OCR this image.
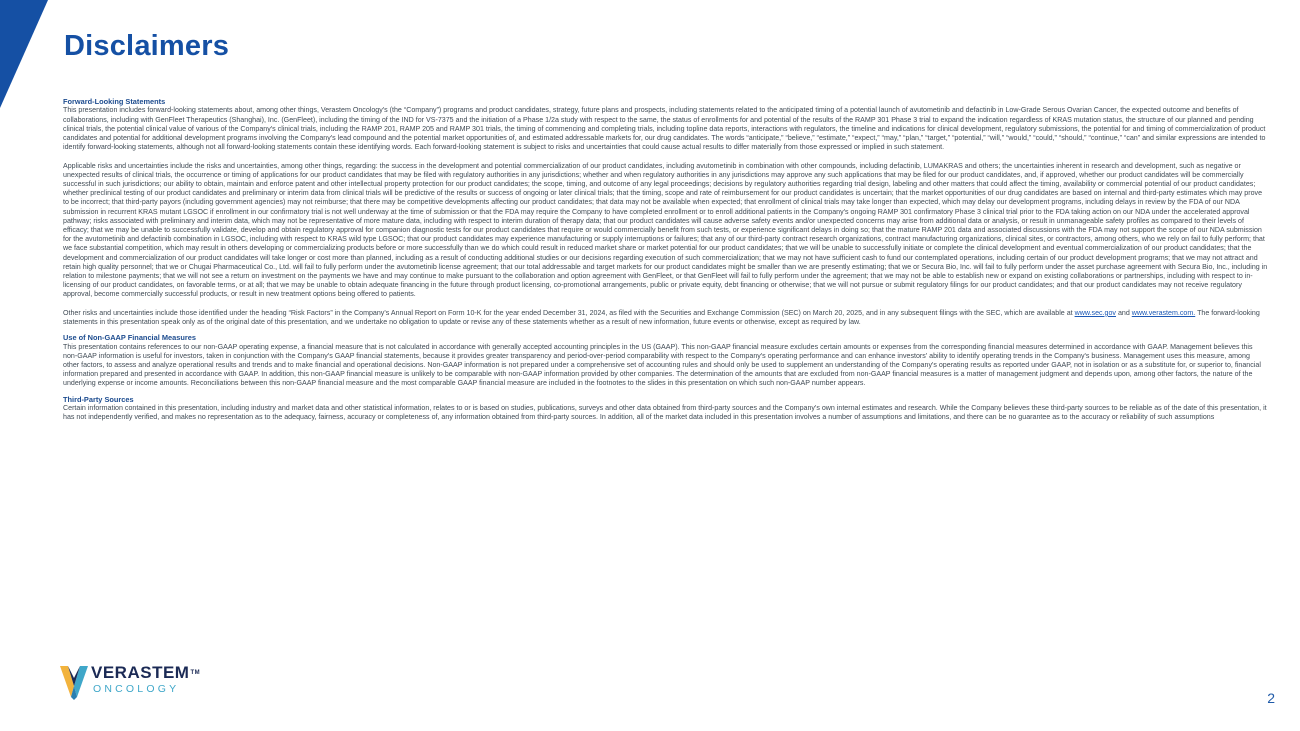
Disclaimers

Forward-Looking Statements

This presentation includes forward-looking statements about, among other things, Verastem Oncology's (the “Company”) programs and product candidates, strategy, future plans and prospects, including statements related to the anticipated timing of a potential launch of avutometinib and defactinib in Low-Grade Serous Ovarian Cancer, the expected outcome and benefits of collaborations, including with GenFleet Therapeutics (Shanghai), Inc. (GenFleet), including the timing of the IND for VS-7375 and the initiation of a Phase 1/2a study with respect to the same, the status of enrollments for and potential of the results of the RAMP 301 Phase 3 trial to expand the indication regardless of KRAS mutation status, the structure of our planned and pending clinical trials, the potential clinical value of various of the Company's clinical trials, including the RAMP 201, RAMP 205 and RAMP 301 trials, the timing of commencing and completing trials, including topline data reports, interactions with regulators, the timeline and indications for clinical development, regulatory submissions, the potential for and timing of commercialization of product candidates and potential for additional development programs involving the Company's lead compound and the potential market opportunities of, and estimated addressable markets for, our drug candidates. The words “anticipate,” “believe,” “estimate,” “expect,” “may,” “plan,” “target,” “potential,” “will,” “would,” “could,” “should,” “continue,” “can” and similar expressions are intended to identify forward-looking statements, although not all forward-looking statements contain these identifying words. Each forward-looking statement is subject to risks and uncertainties that could cause actual results to differ materially from those expressed or implied in such statement.

Applicable risks and uncertainties include the risks and uncertainties, among other things, regarding: the success in the development and potential commercialization of our product candidates, including avutometinib in combination with other compounds, including defactinib, LUMAKRAS and others; the uncertainties inherent in research and development, such as negative or unexpected results of clinical trials, the occurrence or timing of applications for our product candidates that may be filed with regulatory authorities in any jurisdictions; whether and when regulatory authorities in any jurisdictions may approve any such applications that may be filed for our product candidates, and, if approved, whether our product candidates will be commercially successful in such jurisdictions; our ability to obtain, maintain and enforce patent and other intellectual property protection for our product candidates; the scope, timing, and outcome of any legal proceedings; decisions by regulatory authorities regarding trial design, labeling and other matters that could affect the timing, availability or commercial potential of our product candidates; whether preclinical testing of our product candidates and preliminary or interim data from clinical trials will be predictive of the results or success of ongoing or later clinical trials; that the timing, scope and rate of reimbursement for our product candidates is uncertain; that the market opportunities of our drug candidates are based on internal and third-party estimates which may prove to be incorrect; that third-party payors (including government agencies) may not reimburse; that there may be competitive developments affecting our product candidates; that data may not be available when expected; that enrollment of clinical trials may take longer than expected, which may delay our development programs, including delays in review by the FDA of our NDA submission in recurrent KRAS mutant LGSOC if enrollment in our confirmatory trial is not well underway at the time of submission or that the FDA may require the Company to have completed enrollment or to enroll additional patients in the Company's ongoing RAMP 301 confirmatory Phase 3 clinical trial prior to the FDA taking action on our NDA under the accelerated approval pathway; risks associated with preliminary and interim data, which may not be representative of more mature data, including with respect to interim duration of therapy data; that our product candidates will cause adverse safety events and/or unexpected concerns may arise from additional data or analysis, or result in unmanageable safety profiles as compared to their levels of efficacy; that we may be unable to successfully validate, develop and obtain regulatory approval for companion diagnostic tests for our product candidates that require or would commercially benefit from such tests, or experience significant delays in doing so; that the mature RAMP 201 data and associated discussions with the FDA may not support the scope of our NDA submission for the avutometinib and defactinib combination in LGSOC, including with respect to KRAS wild type LGSOC; that our product candidates may experience manufacturing or supply interruptions or failures; that any of our third-party contract research organizations, contract manufacturing organizations, clinical sites, or contractors, among others, who we rely on fail to fully perform; that we face substantial competition, which may result in others developing or commercializing products before or more successfully than we do which could result in reduced market share or market potential for our product candidates; that we will be unable to successfully initiate or complete the clinical development and eventual commercialization of our product candidates; that the development and commercialization of our product candidates will take longer or cost more than planned, including as a result of conducting additional studies or our decisions regarding execution of such commercialization; that we may not have sufficient cash to fund our contemplated operations, including certain of our product development programs; that we may not attract and retain high quality personnel; that we or Chugai Pharmaceutical Co., Ltd. will fail to fully perform under the avutometinib license agreement; that our total addressable and target markets for our product candidates might be smaller than we are presently estimating; that we or Secura Bio, Inc. will fail to fully perform under the asset purchase agreement with Secura Bio, Inc., including in relation to milestone payments; that we will not see a return on investment on the payments we have and may continue to make pursuant to the collaboration and option agreement with GenFleet, or that GenFleet will fail to fully perform under the agreement; that we may not be able to establish new or expand on existing collaborations or partnerships, including with respect to in-licensing of our product candidates, on favorable terms, or at all; that we may be unable to obtain adequate financing in the future through product licensing, co-promotional arrangements, public or private equity, debt financing or otherwise; that we will not pursue or submit regulatory filings for our product candidates; and that our product candidates may not receive regulatory approval, become commercially successful products, or result in new treatment options being offered to patients.

Other risks and uncertainties include those identified under the heading “Risk Factors” in the Company's Annual Report on Form 10-K for the year ended December 31, 2024, as filed with the Securities and Exchange Commission (SEC) on March 20, 2025, and in any subsequent filings with the SEC, which are available at www.sec.gov and www.verastem.com. The forward-looking statements in this presentation speak only as of the original date of this presentation, and we undertake no obligation to update or revise any of these statements whether as a result of new information, future events or otherwise, except as required by law.

Use of Non-GAAP Financial Measures

This presentation contains references to our non-GAAP operating expense, a financial measure that is not calculated in accordance with generally accepted accounting principles in the US (GAAP). This non-GAAP financial measure excludes certain amounts or expenses from the corresponding financial measures determined in accordance with GAAP. Management believes this non-GAAP information is useful for investors, taken in conjunction with the Company's GAAP financial statements, because it provides greater transparency and period-over-period comparability with respect to the Company's operating performance and can enhance investors' ability to identify operating trends in the Company's business. Management uses this measure, among other factors, to assess and analyze operational results and trends and to make financial and operational decisions. Non-GAAP information is not prepared under a comprehensive set of accounting rules and should only be used to supplement an understanding of the Company's operating results as reported under GAAP, not in isolation or as a substitute for, or superior to, financial information prepared and presented in accordance with GAAP. In addition, this non-GAAP financial measure is unlikely to be comparable with non-GAAP information provided by other companies. The determination of the amounts that are excluded from non-GAAP financial measures is a matter of management judgment and depends upon, among other factors, the nature of the underlying expense or income amounts. Reconciliations between this non-GAAP financial measure and the most comparable GAAP financial measure are included in the footnotes to the slides in this presentation on which such non-GAAP number appears.

Third-Party Sources

Certain information contained in this presentation, including industry and market data and other statistical information, relates to or is based on studies, publications, surveys and other data obtained from third-party sources and the Company's own internal estimates and research. While the Company believes these third-party sources to be reliable as of the date of this presentation, it has not independently verified, and makes no representation as to the adequacy, fairness, accuracy or completeness of, any information obtained from third-party sources. In addition, all of the market data included in this presentation involves a number of assumptions and limitations, and there can be no guarantee as to the accuracy or reliability of such assumptions

VERASTEM™
ONCOLOGY
2
